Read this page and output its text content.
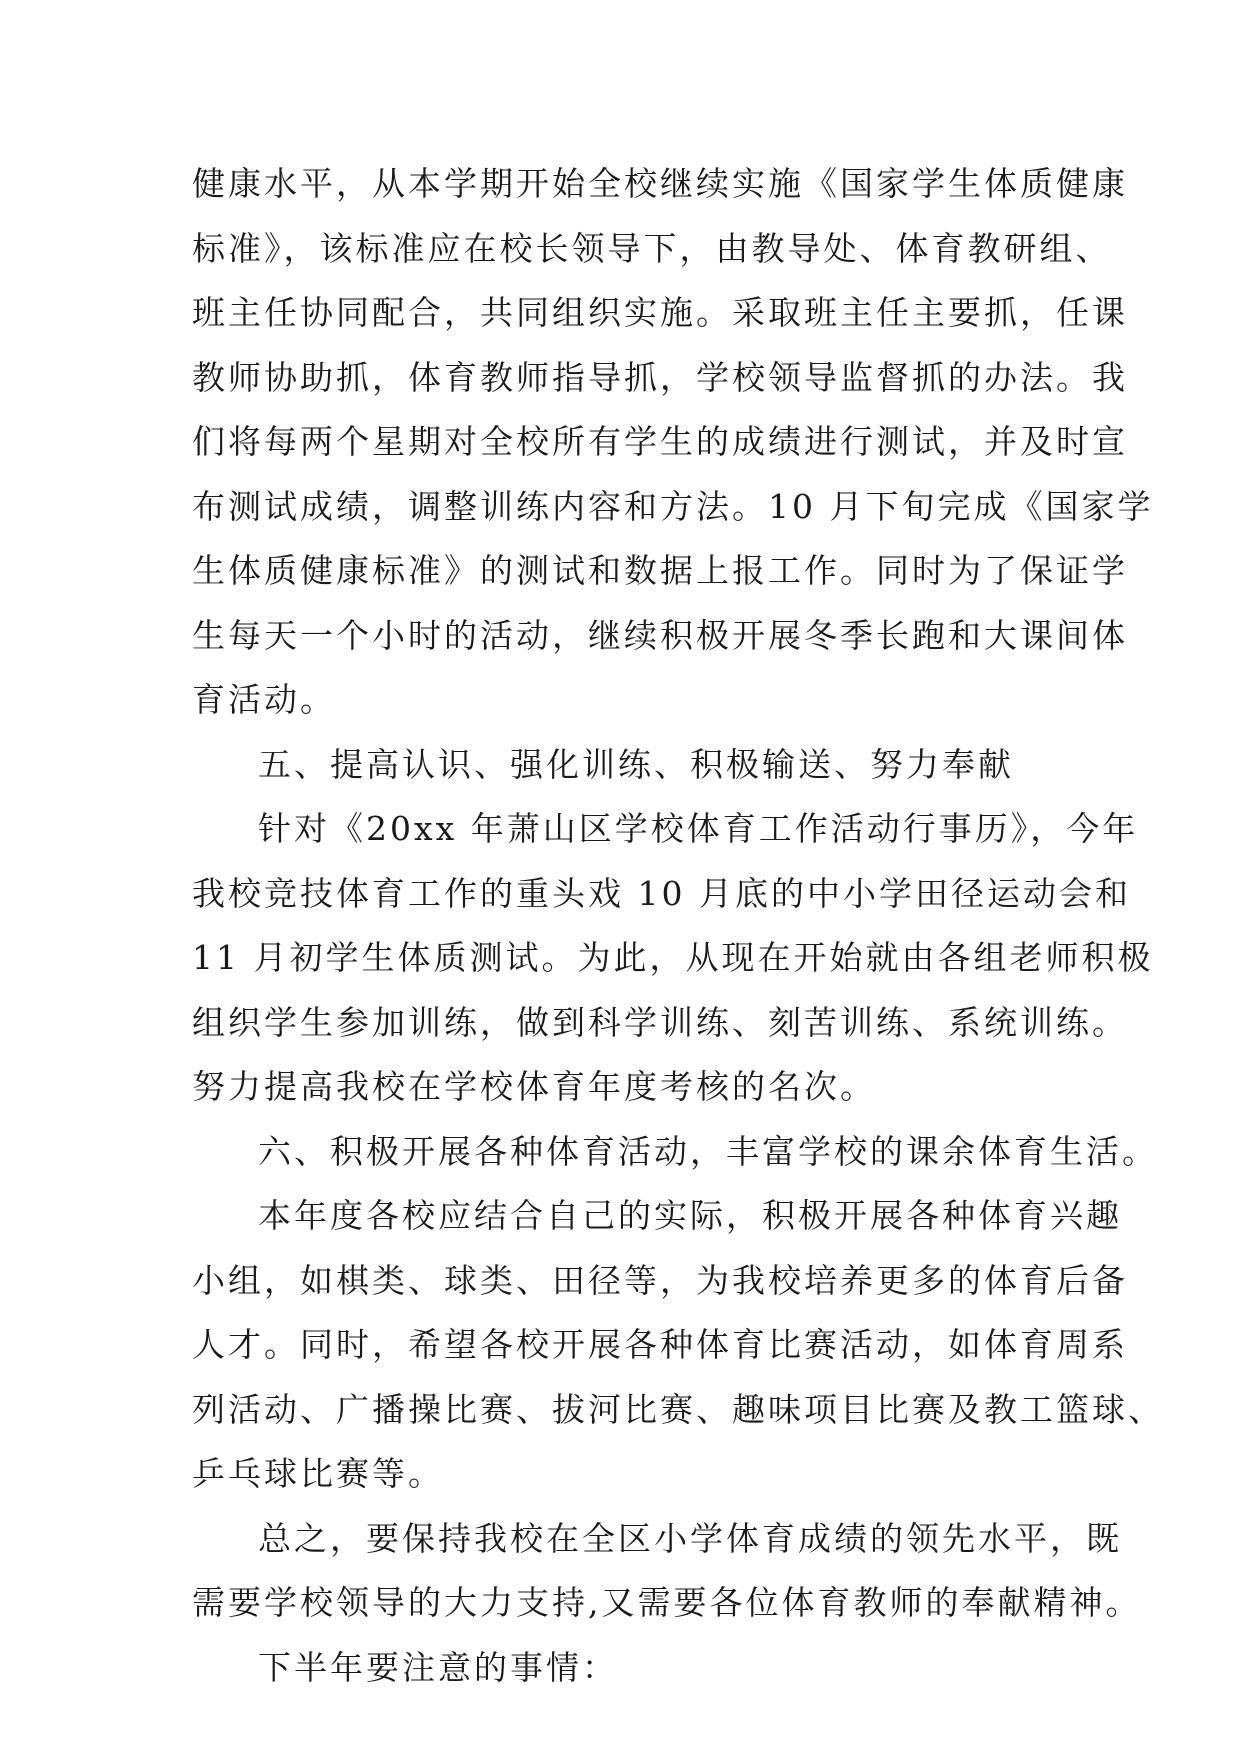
健康水平，从本学期开始全校继续实施《国家学生体质健康
标准》，该标准应在校长领导下，由教导处、体育教研组、
班主任协同配合，共同组织实施。采取班主任主要抓，任课
教师协助抓，体育教师指导抓，学校领导监督抓的办法。我
们将每两个星期对全校所有学生的成绩进行测试，并及时宣
布测试成绩，调整训练内容和方法。10 月下旬完成《国家学
生体质健康标准》的测试和数据上报工作。同时为了保证学
生每天一个小时的活动，继续积极开展冬季长跑和大课间体
育活动。

五、提高认识、强化训练、积极输送、努力奉献

针对《20xx 年萧山区学校体育工作活动行事历》，今年
我校竞技体育工作的重头戏 10 月底的中小学田径运动会和
11 月初学生体质测试。为此，从现在开始就由各组老师积极
组织学生参加训练，做到科学训练、刻苦训练、系统训练。
努力提高我校在学校体育年度考核的名次。

六、积极开展各种体育活动，丰富学校的课余体育生活。

本年度各校应结合自己的实际，积极开展各种体育兴趣
小组，如棋类、球类、田径等，为我校培养更多的体育后备
人才。同时，希望各校开展各种体育比赛活动，如体育周系
列活动、广播操比赛、拔河比赛、趣味项目比赛及教工篮球、
乒乓球比赛等。

总之，要保持我校在全区小学体育成绩的领先水平，既
需要学校领导的大力支持,又需要各位体育教师的奉献精神。

下半年要注意的事情：
